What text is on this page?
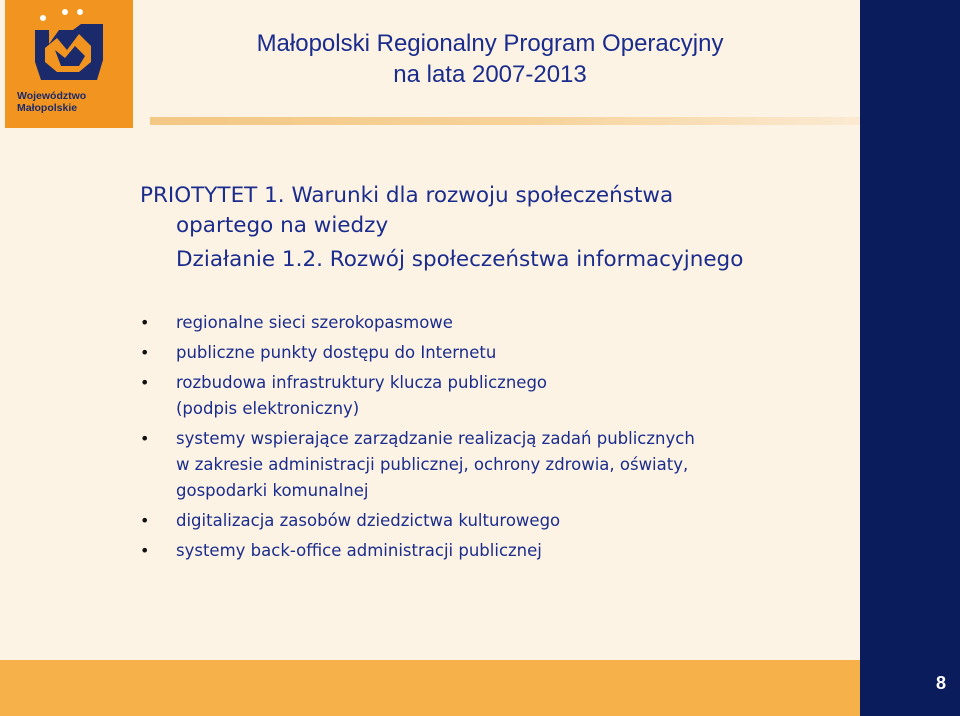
Województwo
Małopolskie
Małopolski Regionalny Program Operacyjny
na lata 2007-2013
8
PRIOTYTET 1. Warunki dla rozwoju społeczeństwa
opartego na wiedzy
Działanie 1.2. Rozwój społeczeństwa informacyjnego
• regionalne sieci szerokopasmowe
• publiczne punkty dostępu do Internetu
• rozbudowa infrastruktury klucza publicznego
(podpis elektroniczny)
• systemy wspierające zarządzanie realizacją zadań publicznych
w zakresie administracji publicznej, ochrony zdrowia, oświaty,
gospodarki komunalnej
• digitalizacja zasobów dziedzictwa kulturowego
• systemy back-office administracji publicznej
